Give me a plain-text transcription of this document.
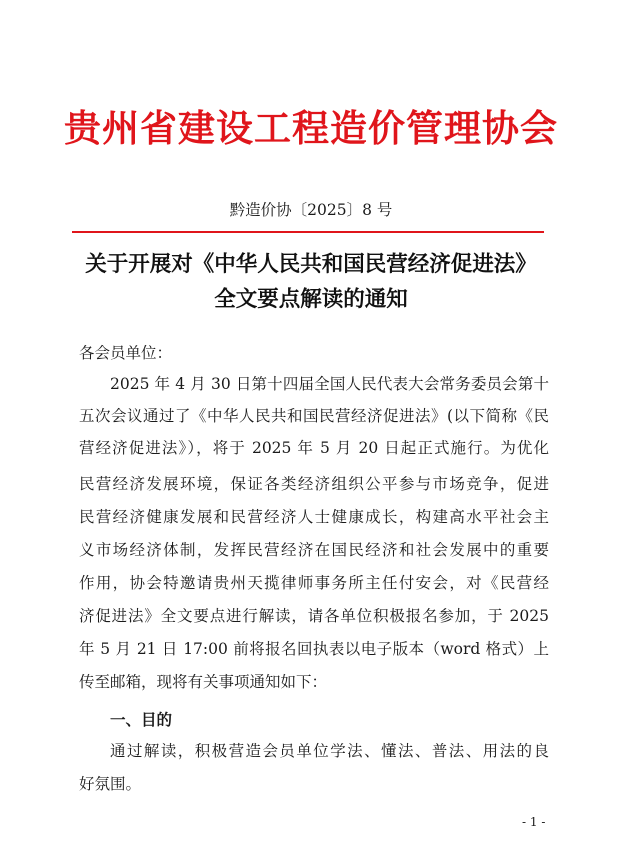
贵州省建设工程造价管理协会
黔造价协〔2025〕8 号
关于开展对《中华人民共和国民营经济促进法》
全文要点解读的通知
各会员单位：
2025 年 4 月 30 日第十四届全国人民代表大会常务委员会第十
五次会议通过了《中华人民共和国民营经济促进法》(以下简称《民
营经济促进法》），将于 2025 年 5 月 20 日起正式施行。为优化
民营经济发展环境，保证各类经济组织公平参与市场竞争，促进
民营经济健康发展和民营经济人士健康成长，构建高水平社会主
义市场经济体制，发挥民营经济在国民经济和社会发展中的重要
作用，协会特邀请贵州天揽律师事务所主任付安会，对《民营经
济促进法》全文要点进行解读，请各单位积极报名参加，于 2025
年 5 月 21 日 17:00 前将报名回执表以电子版本（word 格式）上
传至邮箱，现将有关事项通知如下：
一、目的
通过解读，积极营造会员单位学法、懂法、普法、用法的良
好氛围。
- 1 -
